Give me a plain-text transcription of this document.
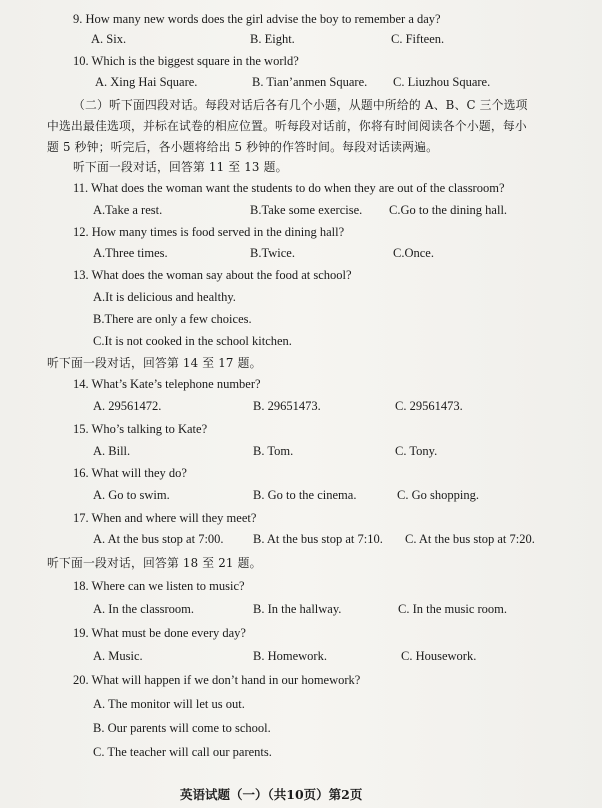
9. How many new words does the girl advise the boy to remember a day?
A. Six.	B. Eight.	C. Fifteen.
10. Which is the biggest square in the world?
A. Xing Hai Square.	B. Tian’anmen Square. C. Liuzhou Square.
（二）听下面四段对话。每段对话后各有几个小题，从题中所给的 A、B、C 三个选项
中选出最佳选项，并标在试卷的相应位置。听每段对话前，你将有时间阅读各个小题，每小
题 5 秒钟；听完后，各小题将给出 5 秒钟的作答时间。每段对话读两遍。
听下面一段对话，回答第 11 至 13 题。
11. What does the woman want the students to do when they are out of the classroom?
A.Take a rest.	B.Take some exercise. C.Go to the dining hall.
12. How many times is food served in the dining hall?
A.Three times.	B.Twice.	C.Once.
13. What does the woman say about the food at school?
A.It is delicious and healthy.
B.There are only a few choices.
C.It is not cooked in the school kitchen.
听下面一段对话，回答第 14 至 17 题。
14. What’s Kate’s telephone number?
A. 29561472.	B. 29651473.	C. 29561473.
15. Who’s talking to Kate?
A. Bill.	B. Tom.	C. Tony.
16. What will they do?
A. Go to swim.	B. Go to the cinema.	C. Go shopping.
17. When and where will they meet?
A. At the bus stop at 7:00. B. At the bus stop at 7:10. C. At the bus stop at 7:20.
听下面一段对话，回答第 18 至 21 题。
18. Where can we listen to music?
A. In the classroom.	B. In the hallway.	C. In the music room.
19. What must be done every day?
A. Music.	B. Homework.	C. Housework.
20. What will happen if we don’t hand in our homework?
A. The monitor will let us out.
B. Our parents will come to school.
C. The teacher will call our parents.
英语试题（一）（共10页）第2页
